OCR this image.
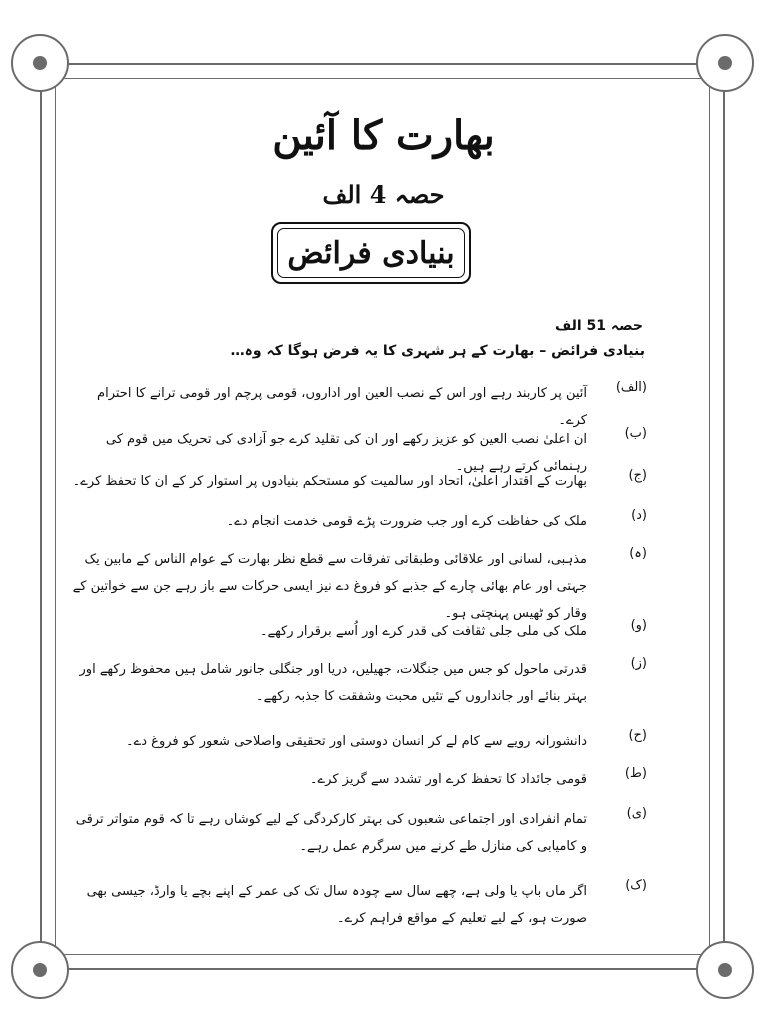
بھارت کا آئین
حصہ 4 الف
بنیادی فرائض
حصہ 51 الف
بنیادی فرائض – بھارت کے ہر شہری کا یہ فرض ہوگا کہ وہ…
(الف)
آئین پر کاربند رہے اور اس کے نصب العین اور اداروں، قومی پرچم اور قومی ترانے کا احترام کرے۔
(ب)
ان اعلیٰ نصب العین کو عزیز رکھے اور ان کی تقلید کرے جو آزادی کی تحریک میں قوم کی رہنمائی کرتے رہے ہیں۔
(ج)
بھارت کے اقتدار اعلیٰ، اتحاد اور سالمیت کو مستحکم بنیادوں پر استوار کر کے ان کا تحفظ کرے۔
(د)
ملک کی حفاظت کرے اور جب ضرورت پڑے قومی خدمت انجام دے۔
(ہ)
مذہبی، لسانی اور علاقائی وطبقاتی تفرقات سے قطع نظر بھارت کے عوام الناس کے مابین یک جہتی اور عام بھائی چارے کے جذبے کو فروغ دے نیز ایسی حرکات سے باز رہے جن سے خواتین کے وقار کو ٹھیس پہنچتی ہو۔
(و)
ملک کی ملی جلی ثقافت کی قدر کرے اور اُسے برقرار رکھے۔
(ز)
قدرتی ماحول کو جس میں جنگلات، جھیلیں، دریا اور جنگلی جانور شامل ہیں محفوظ رکھے اور بہتر بنائے اور جانداروں کے تئیں محبت وشفقت کا جذبہ رکھے۔
(ح)
دانشورانہ رویے سے کام لے کر انسان دوستی اور تحقیقی واصلاحی شعور کو فروغ دے۔
(ط)
قومی جائداد کا تحفظ کرے اور تشدد سے گریز کرے۔
(ی)
تمام انفرادی اور اجتماعی شعبوں کی بہتر کارکردگی کے لیے کوشاں رہے تا کہ قوم متواتر ترقی و کامیابی کی منازل طے کرنے میں سرگرم عمل رہے۔
(ک)
اگر ماں باپ یا ولی ہے، چھے سال سے چودہ سال تک کی عمر کے اپنے بچے یا وارڈ، جیسی بھی صورت ہو، کے لیے تعلیم کے مواقع فراہم کرے۔
